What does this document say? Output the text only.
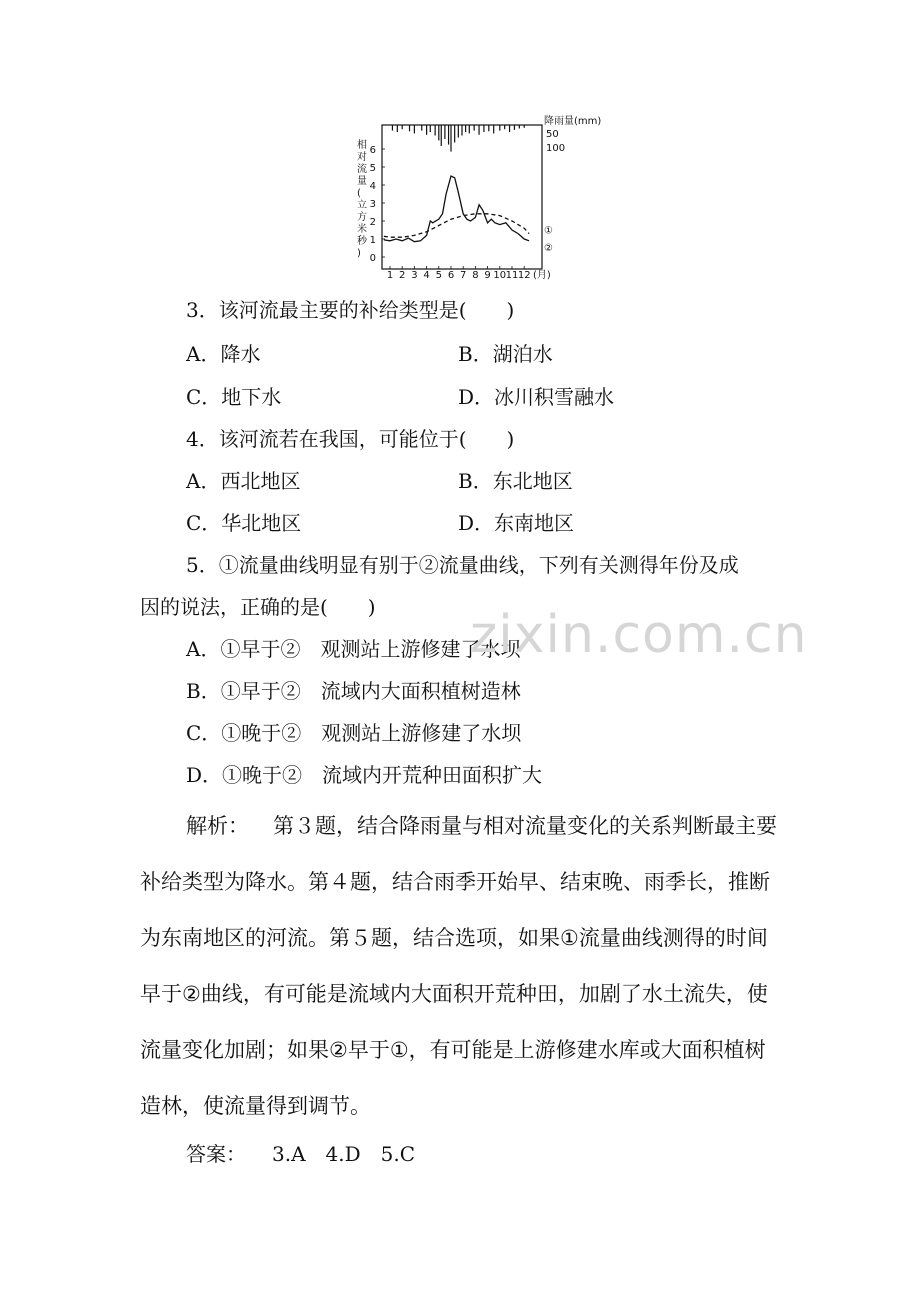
相对流量(立方米秒)
降雨量(mm)
0
1
2
3
4
5
6
50
100
1 2 3 4 5 6 7 8 9 10 11 12
①
②
(月)
3．该河流最主要的补给类型是(　　)
A．降水	B．湖泊水
C．地下水	D．冰川积雪融水
4．该河流若在我国，可能位于(　　)
A．西北地区	B．东北地区
C．华北地区	D．东南地区
5．①流量曲线明显有别于②流量曲线，下列有关测得年份及成
因的说法，正确的是(　　)
A．①早于②　观测站上游修建了水坝
B．①早于②　流域内大面积植树造林
C．①晚于②　观测站上游修建了水坝
D．①晚于②　流域内开荒种田面积扩大
zixin.com.cn

解析： 第３题，结合降雨量与相对流量变化的关系判断最主要

补给类型为降水。第４题，结合雨季开始早、结束晚、雨季长，推断

为东南地区的河流。第５题，结合选项，如果①流量曲线测得的时间

早于②曲线，有可能是流域内大面积开荒种田，加剧了水土流失，使

流量变化加剧；如果②早于①，有可能是上游修建水库或大面积植树

造林，使流量得到调节。

答案： 3.A　4.D　5.C
